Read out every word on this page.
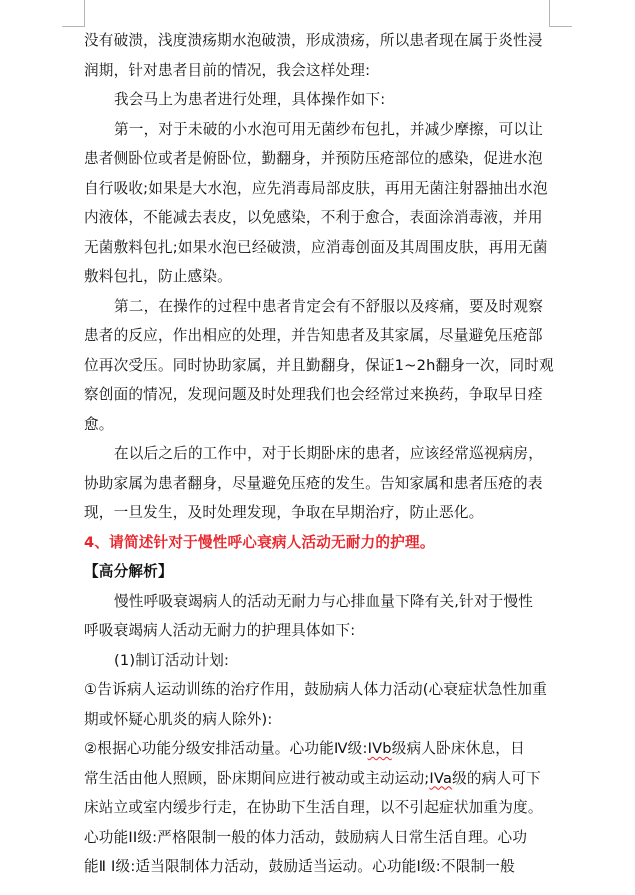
没有破溃，浅度溃疡期水泡破溃，形成溃疡，所以患者现在属于炎性浸
润期，针对患者目前的情况，我会这样处理:
我会马上为患者进行处理，具体操作如下:
第一，对于未破的小水泡可用无菌纱布包扎，并减少摩擦，可以让
患者侧卧位或者是俯卧位，勤翻身，并预防压疮部位的感染，促进水泡
自行吸收;如果是大水泡，应先消毒局部皮肤，再用无菌注射器抽出水泡
内液体，不能减去表皮，以免感染，不利于愈合，表面涂消毒液，并用
无菌敷料包扎;如果水泡已经破溃，应消毒创面及其周围皮肤，再用无菌
敷料包扎，防止感染。
第二，在操作的过程中患者肯定会有不舒服以及疼痛，要及时观察
患者的反应，作出相应的处理，并告知患者及其家属，尽量避免压疮部
位再次受压。同时协助家属，并且勤翻身，保证1~2h翻身一次，同时观
察创面的情况，发现问题及时处理我们也会经常过来换药，争取早日痊
愈。
在以后之后的工作中，对于长期卧床的患者，应该经常巡视病房，
协助家属为患者翻身，尽量避免压疮的发生。告知家属和患者压疮的表
现，一旦发生，及时处理发现，争取在早期治疗，防止恶化。
4、请简述针对于慢性呼心衰病人活动无耐力的护理。
【高分解析】
慢性呼吸衰竭病人的活动无耐力与心排血量下降有关,针对于慢性
呼吸衰竭病人活动无耐力的护理具体如下:
(1)制订活动计划:
①告诉病人运动训练的治疗作用，鼓励病人体力活动(心衰症状急性加重
期或怀疑心肌炎的病人除外):
②根据心功能分级安排活动量。心功能Ⅳ级:IVb级病人卧床休息，日
常生活由他人照顾，卧床期间应进行被动或主动运动;IVa级的病人可下
床站立或室内缓步行走，在协助下生活自理，以不引起症状加重为度。
心功能II级:严格限制一般的体力活动，鼓励病人日常生活自理。心功
能Ⅱ I级:适当限制体力活动，鼓励适当运动。心功能Ⅰ级:不限制一般
